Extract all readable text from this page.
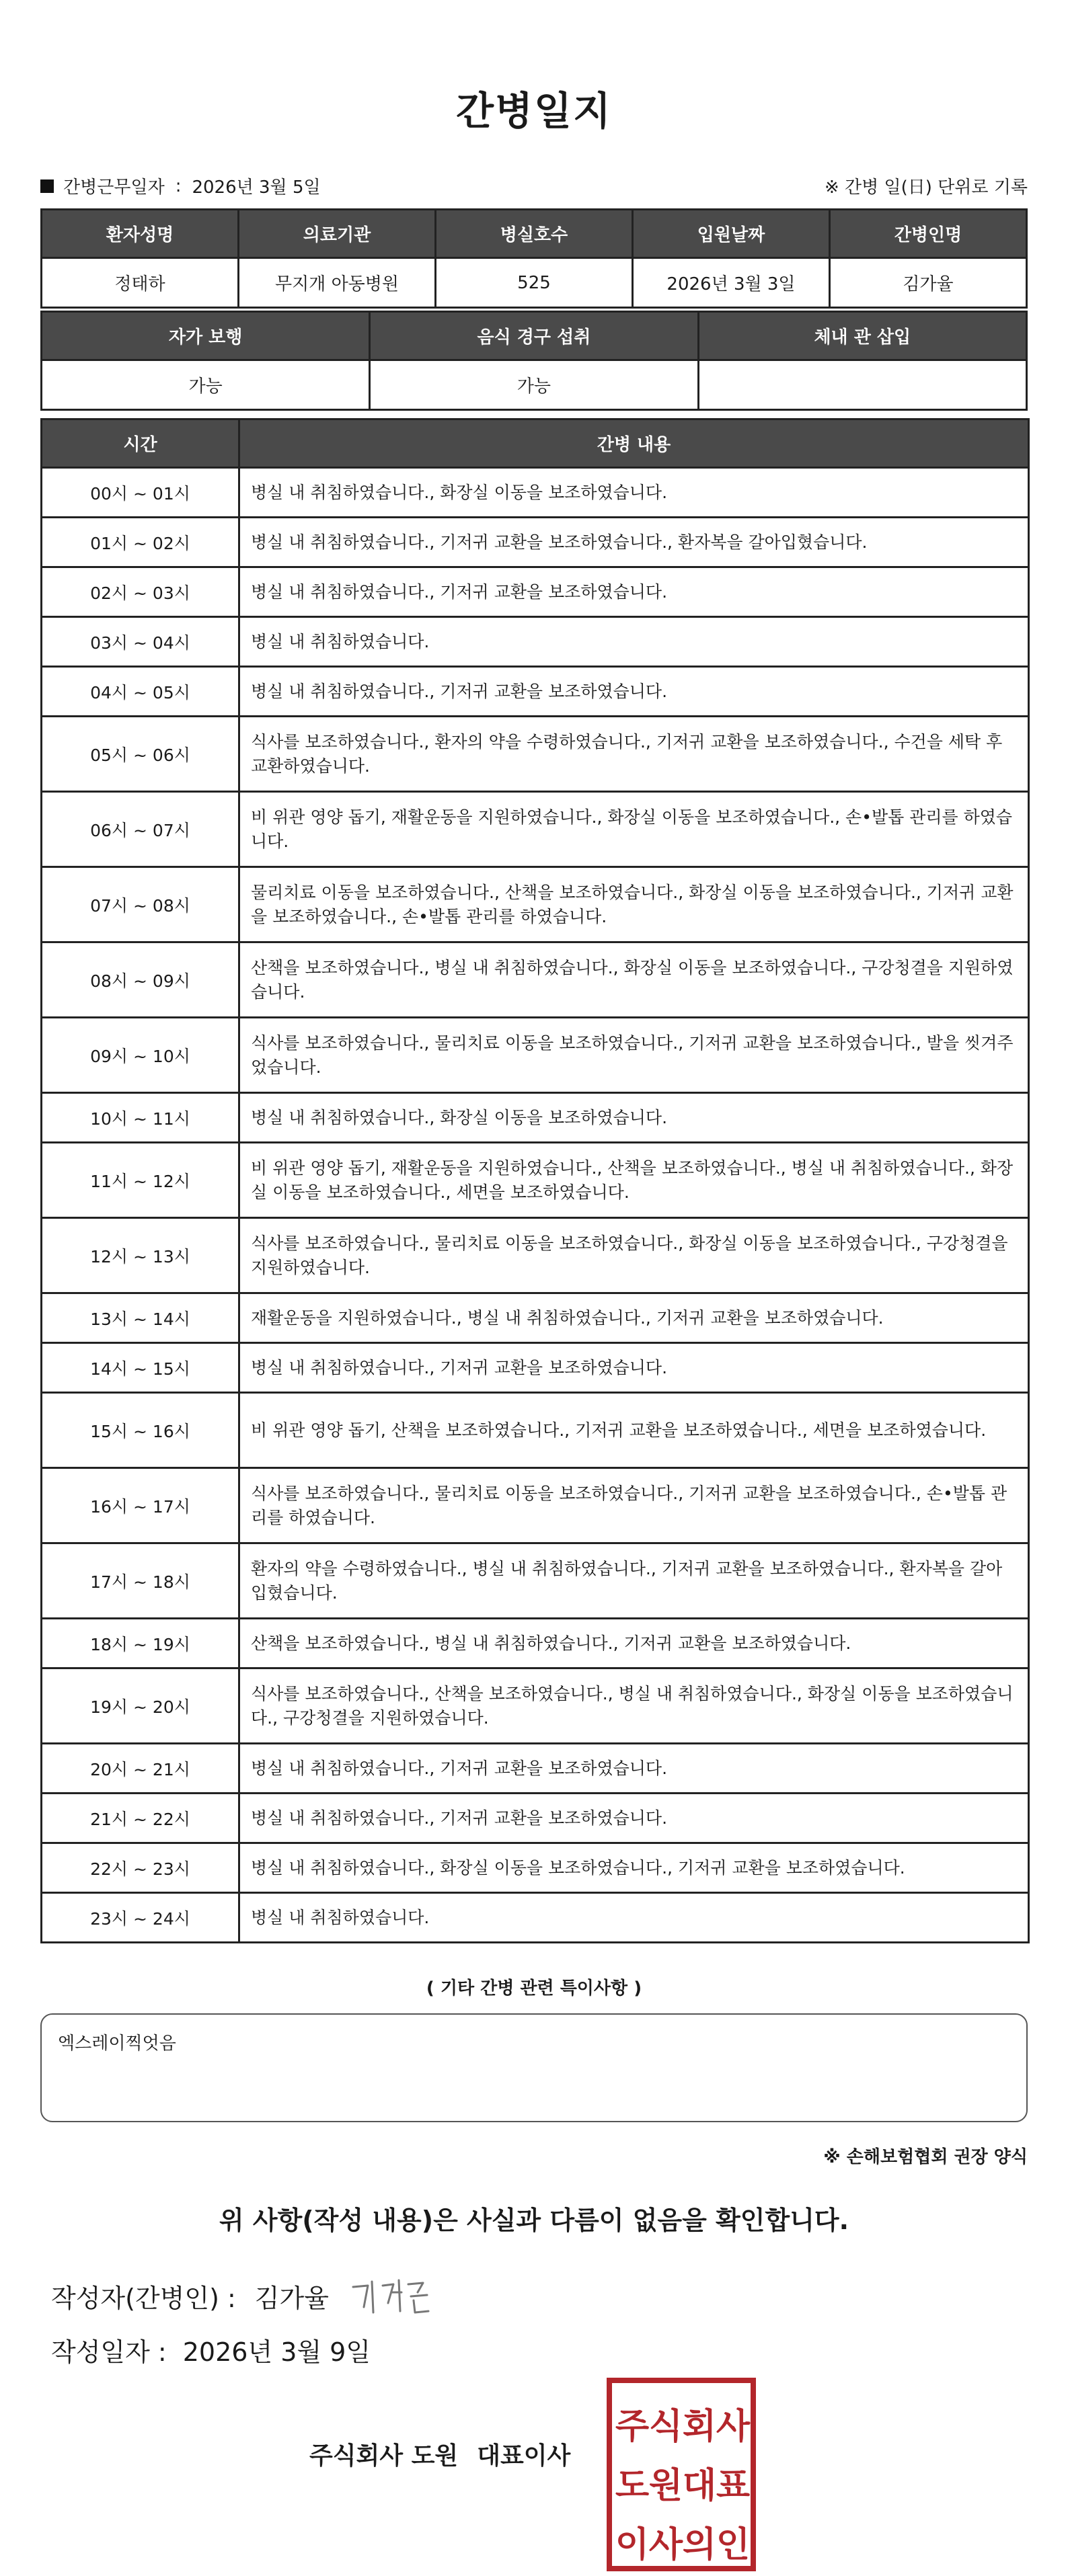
간병일지
간병근무일자 : 2026년 3월 5일	※ 간병 일(日) 단위로 기록
환자성명	의료기관	병실호수	입원날짜	간병인명
정태하	무지개 아동병원	525	2026년 3월 3일	김가율
자가 보행	음식 경구 섭취	체내 관 삽입
가능	가능	
시간	간병 내용
00시 ~ 01시	병실 내 취침하였습니다., 화장실 이동을 보조하였습니다.
01시 ~ 02시	병실 내 취침하였습니다., 기저귀 교환을 보조하였습니다., 환자복을 갈아입혔습니다.
02시 ~ 03시	병실 내 취침하였습니다., 기저귀 교환을 보조하였습니다.
03시 ~ 04시	병실 내 취침하였습니다.
04시 ~ 05시	병실 내 취침하였습니다., 기저귀 교환을 보조하였습니다.
05시 ~ 06시	식사를 보조하였습니다., 환자의 약을 수령하였습니다., 기저귀 교환을 보조하였습니다., 수건을 세탁 후 교환하였습니다.
06시 ~ 07시	비 위관 영양 돕기, 재활운동을 지원하였습니다., 화장실 이동을 보조하였습니다., 손•발톱 관리를 하였습니다.
07시 ~ 08시	물리치료 이동을 보조하였습니다., 산책을 보조하였습니다., 화장실 이동을 보조하였습니다., 기저귀 교환을 보조하였습니다., 손•발톱 관리를 하였습니다.
08시 ~ 09시	산책을 보조하였습니다., 병실 내 취침하였습니다., 화장실 이동을 보조하였습니다., 구강청결을 지원하였습니다.
09시 ~ 10시	식사를 보조하였습니다., 물리치료 이동을 보조하였습니다., 기저귀 교환을 보조하였습니다., 발을 씻겨주었습니다.
10시 ~ 11시	병실 내 취침하였습니다., 화장실 이동을 보조하였습니다.
11시 ~ 12시	비 위관 영양 돕기, 재활운동을 지원하였습니다., 산책을 보조하였습니다., 병실 내 취침하였습니다., 화장실 이동을 보조하였습니다., 세면을 보조하였습니다.
12시 ~ 13시	식사를 보조하였습니다., 물리치료 이동을 보조하였습니다., 화장실 이동을 보조하였습니다., 구강청결을 지원하였습니다.
13시 ~ 14시	재활운동을 지원하였습니다., 병실 내 취침하였습니다., 기저귀 교환을 보조하였습니다.
14시 ~ 15시	병실 내 취침하였습니다., 기저귀 교환을 보조하였습니다.
15시 ~ 16시	비 위관 영양 돕기, 산책을 보조하였습니다., 기저귀 교환을 보조하였습니다., 세면을 보조하였습니다.
16시 ~ 17시	식사를 보조하였습니다., 물리치료 이동을 보조하였습니다., 기저귀 교환을 보조하였습니다., 손•발톱 관리를 하였습니다.
17시 ~ 18시	환자의 약을 수령하였습니다., 병실 내 취침하였습니다., 기저귀 교환을 보조하였습니다., 환자복을 갈아입혔습니다.
18시 ~ 19시	산책을 보조하였습니다., 병실 내 취침하였습니다., 기저귀 교환을 보조하였습니다.
19시 ~ 20시	식사를 보조하였습니다., 산책을 보조하였습니다., 병실 내 취침하였습니다., 화장실 이동을 보조하였습니다., 구강청결을 지원하였습니다.
20시 ~ 21시	병실 내 취침하였습니다., 기저귀 교환을 보조하였습니다.
21시 ~ 22시	병실 내 취침하였습니다., 기저귀 교환을 보조하였습니다.
22시 ~ 23시	병실 내 취침하였습니다., 화장실 이동을 보조하였습니다., 기저귀 교환을 보조하였습니다.
23시 ~ 24시	병실 내 취침하였습니다.
( 기타 간병 관련 특이사항 )
엑스레이찍엇음
※ 손해보험협회 권장 양식
위 사항(작성 내용)은 사실과 다름이 없음을 확인합니다.
작성자(간병인) : 김가율
작성일자 : 2026년 3월 9일
주식회사 도원 대표이사
주 식 회 사
도 원 대 표
이 사 의 인
